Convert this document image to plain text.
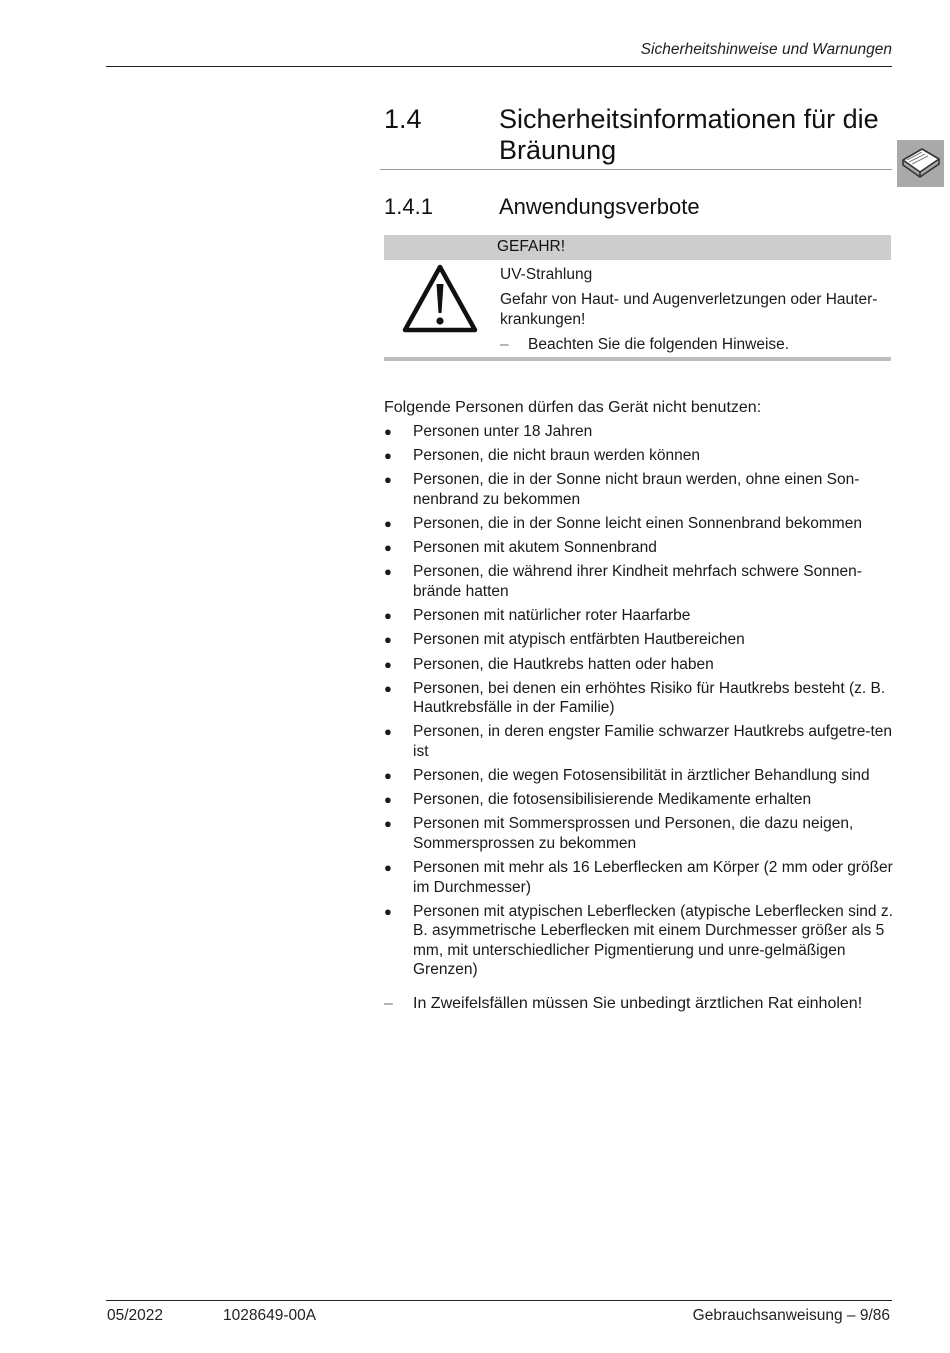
Sicherheitshinweise und Warnungen
1.4	Sicherheitsinformationen für die Bräunung
1.4.1	Anwendungsverbote
GEFAHR!
UV-Strahlung
Gefahr von Haut- und Augenverletzungen oder Hauter-krankungen!
– Beachten Sie die folgenden Hinweise.
Folgende Personen dürfen das Gerät nicht benutzen:
● Personen unter 18 Jahren
● Personen, die nicht braun werden können
● Personen, die in der Sonne nicht braun werden, ohne einen Son-nenbrand zu bekommen
● Personen, die in der Sonne leicht einen Sonnenbrand bekommen
● Personen mit akutem Sonnenbrand
● Personen, die während ihrer Kindheit mehrfach schwere Sonnen-brände hatten
● Personen mit natürlicher roter Haarfarbe
● Personen mit atypisch entfärbten Hautbereichen
● Personen, die Hautkrebs hatten oder haben
● Personen, bei denen ein erhöhtes Risiko für Hautkrebs besteht (z. B. Hautkrebsfälle in der Familie)
● Personen, in deren engster Familie schwarzer Hautkrebs aufgetre-ten ist
● Personen, die wegen Fotosensibilität in ärztlicher Behandlung sind
● Personen, die fotosensibilisierende Medikamente erhalten
● Personen mit Sommersprossen und Personen, die dazu neigen, Sommersprossen zu bekommen
● Personen mit mehr als 16 Leberflecken am Körper (2 mm oder größer im Durchmesser)
● Personen mit atypischen Leberflecken (atypische Leberflecken sind z. B. asymmetrische Leberflecken mit einem Durchmesser größer als 5 mm, mit unterschiedlicher Pigmentierung und unre-gelmäßigen Grenzen)
– In Zweifelsfällen müssen Sie unbedingt ärztlichen Rat einholen!
05/2022	1028649-00A	Gebrauchsanweisung – 9/86
